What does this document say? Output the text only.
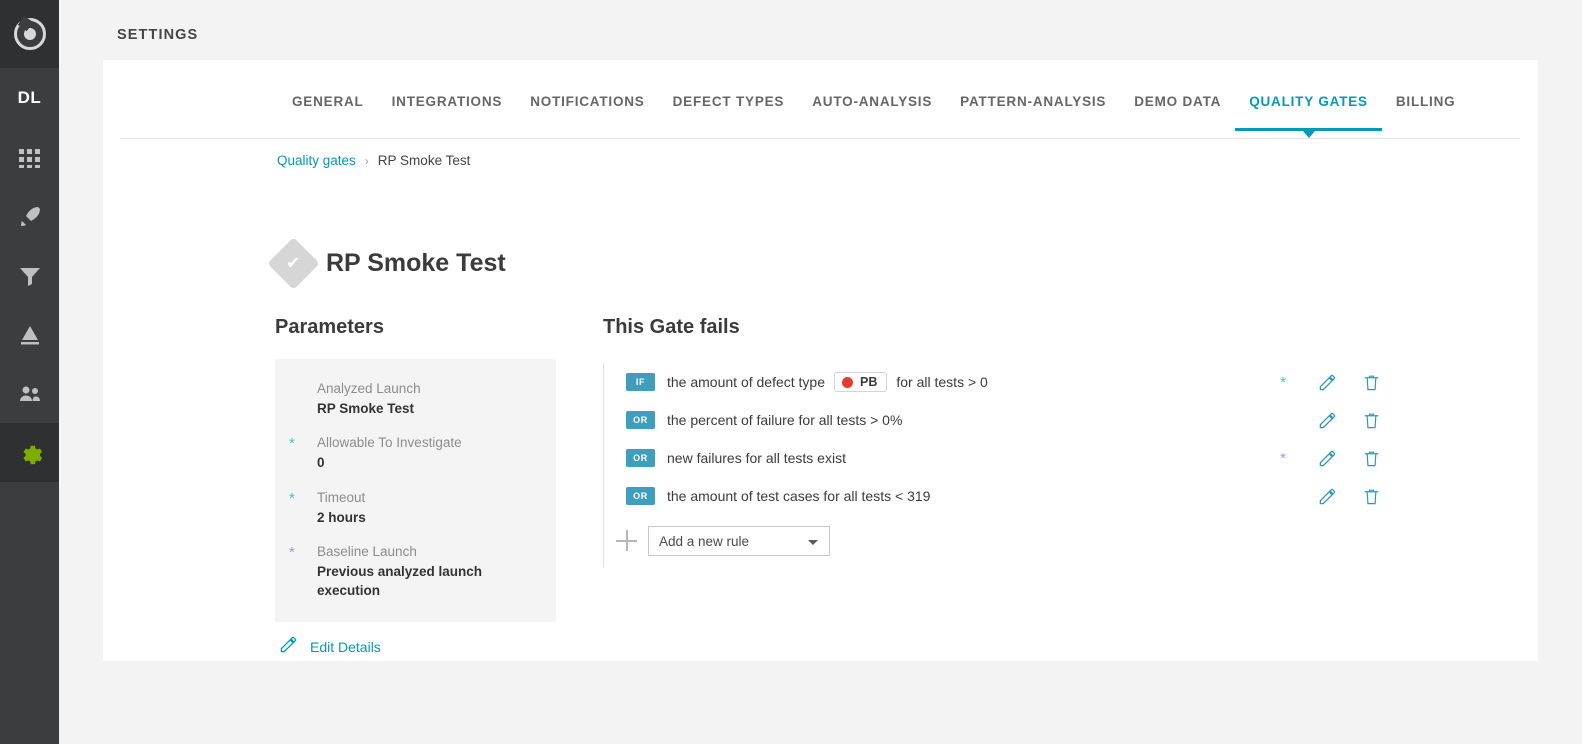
DL
SETTINGS
GENERAL	INTEGRATIONS	NOTIFICATIONS	DEFECT TYPES	AUTO-ANALYSIS	PATTERN-ANALYSIS	DEMO DATA	QUALITY GATES	BILLING
Quality gates › RP Smoke Test
✔ RP Smoke Test
Parameters
Analyzed Launch
RP Smoke Test
* Allowable To Investigate
0
* Timeout
2 hours
* Baseline Launch
Previous analyzed launch execution
Edit Details
This Gate fails
IF	the amount of defect type	PB for all tests > 0	*
OR	the percent of failure for all tests > 0%
OR	new failures for all tests exist	*
OR	the amount of test cases for all tests < 319
Add a new rule
